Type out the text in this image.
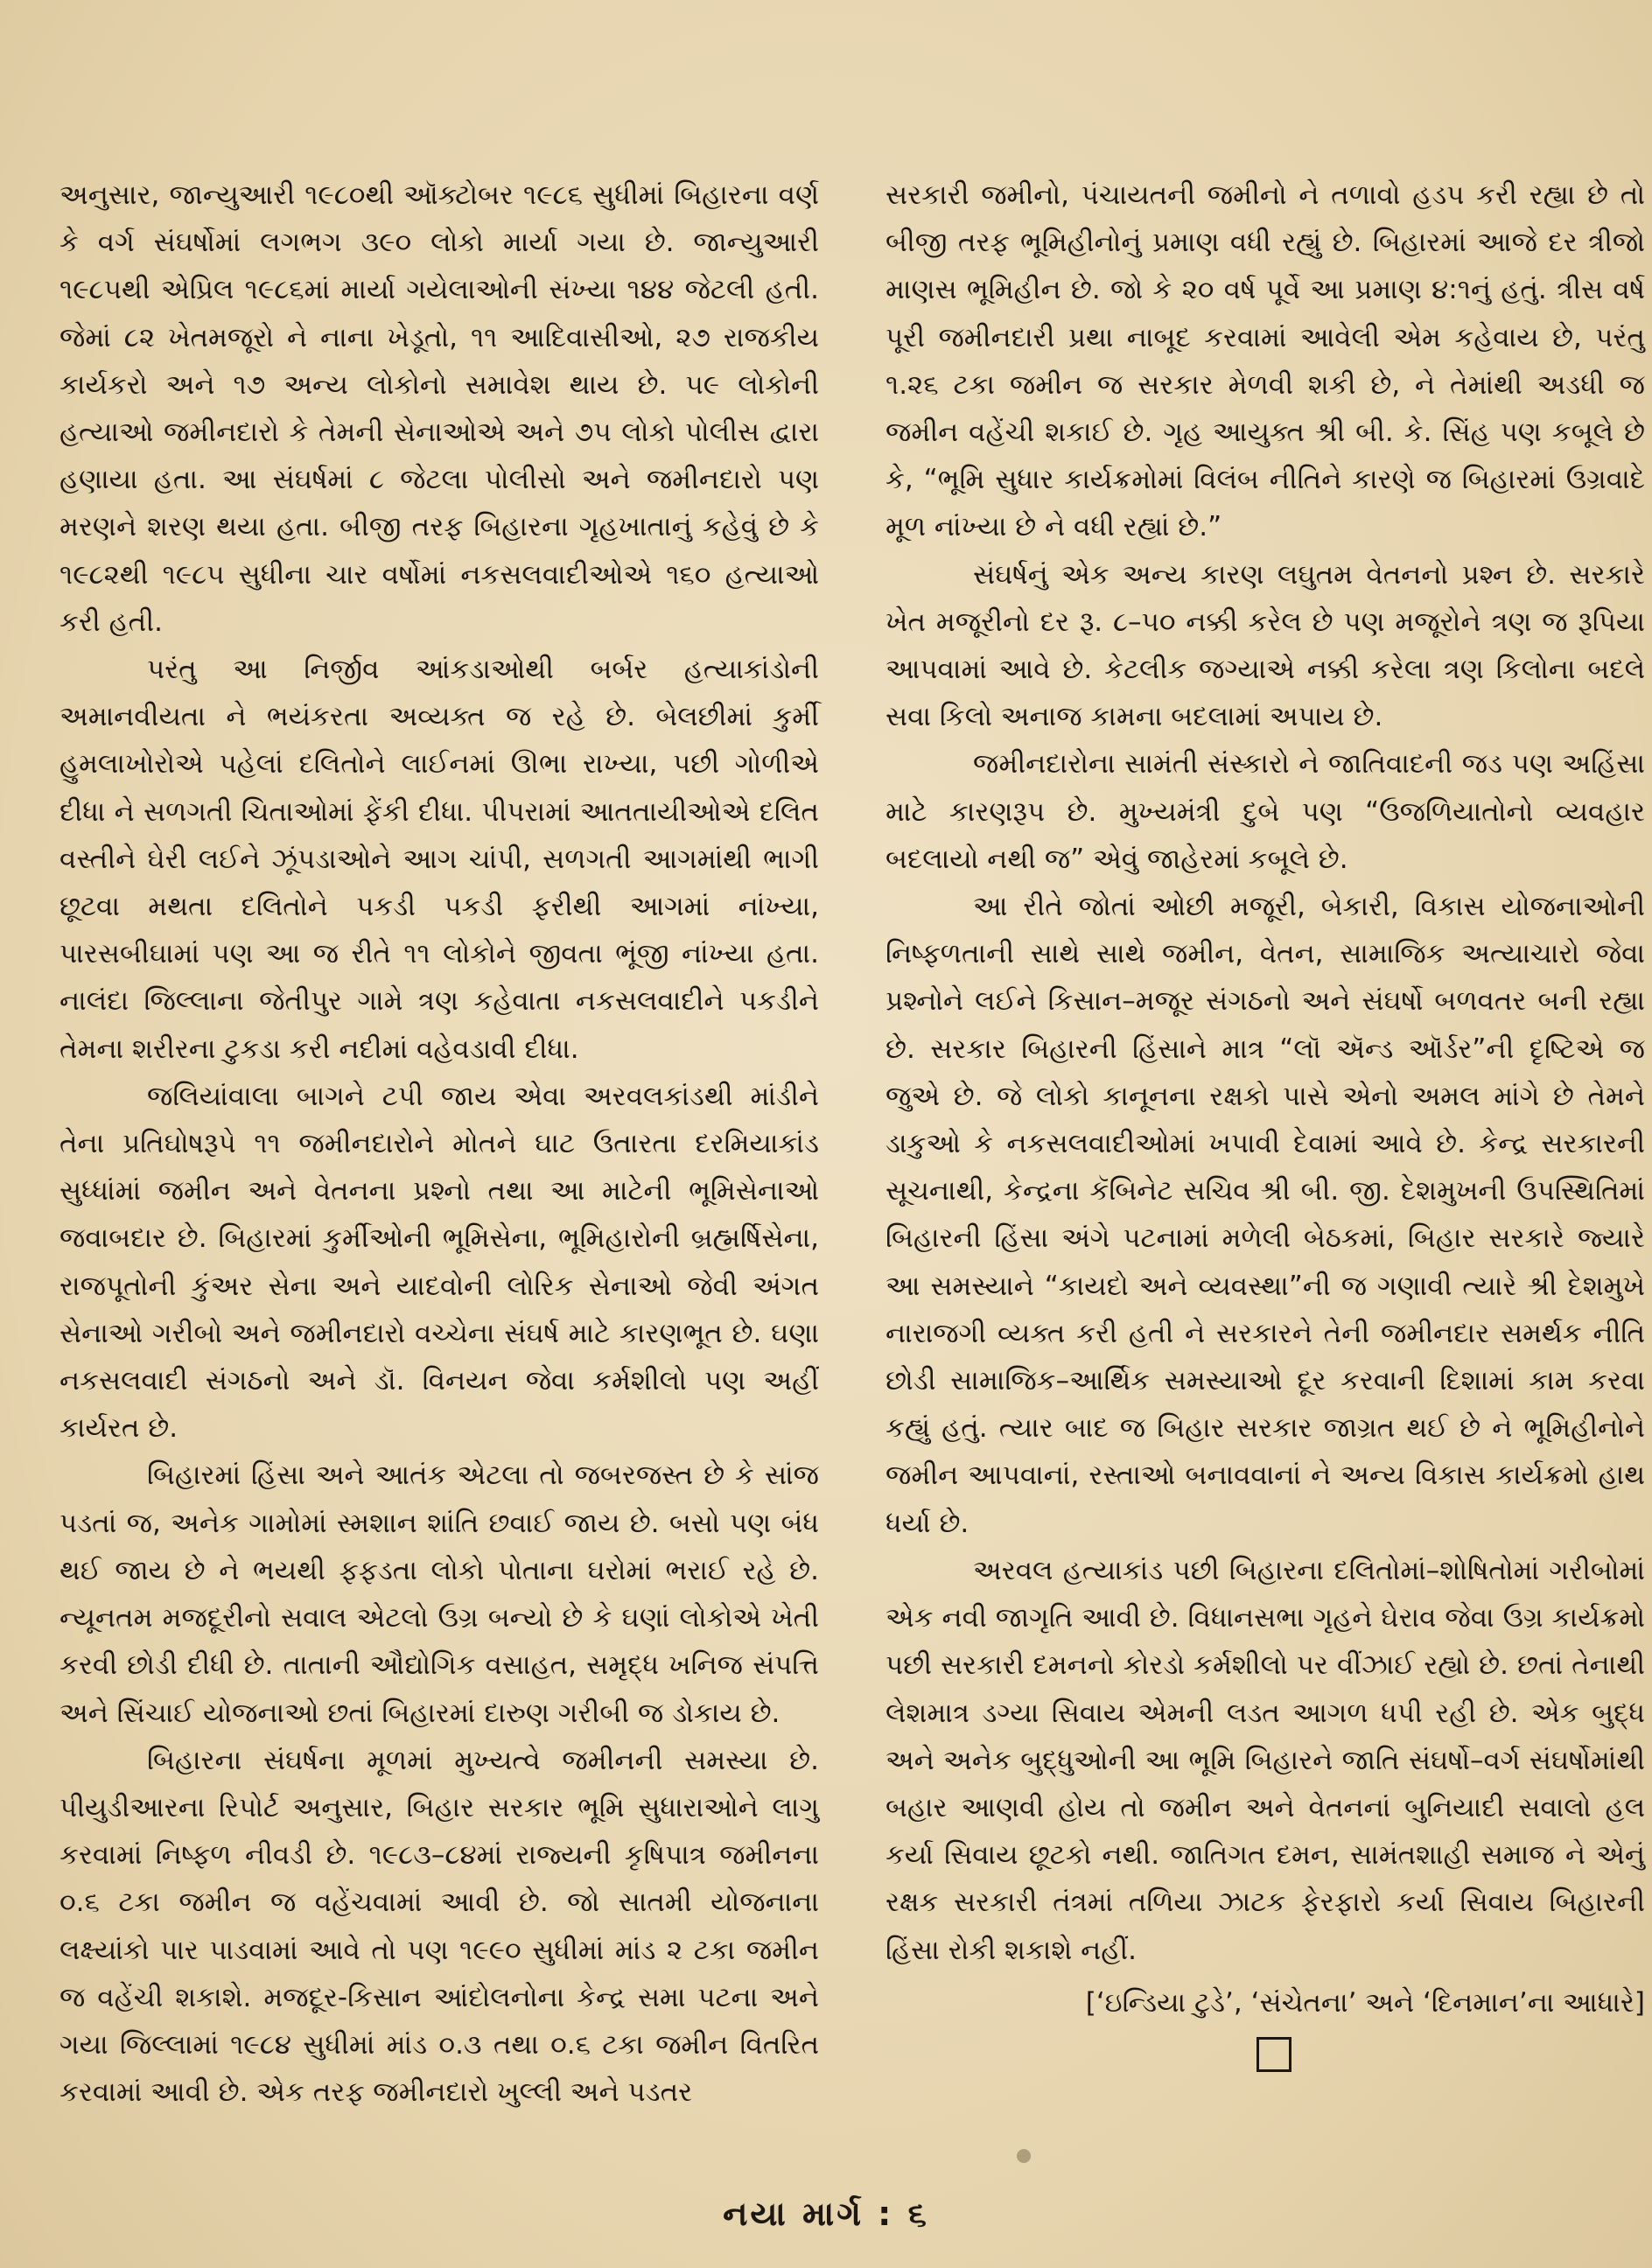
અનુસાર, જાન્યુઆરી ૧૯૮૦થી ઑક્ટોબર ૧૯૮૬ સુધીમાં બિહારના વર્ણ કે વર્ગ સંઘર્ષોમાં લગભગ ૩૯૦ લોકો માર્યા ગયા છે. જાન્યુઆરી ૧૯૮૫થી એપ્રિલ ૧૯૮૬માં માર્યા ગયેલાઓની સંખ્યા ૧૪૪ જેટલી હતી. જેમાં ૮૨ ખેતમજૂરો ને નાના ખેડૂતો, ૧૧ આદિવાસીઓ, ૨૭ રાજકીય કાર્યકરો અને ૧૭ અન્ય લોકોનો સમાવેશ થાય છે. ૫૯ લોકોની હત્યાઓ જમીનદારો કે તેમની સેનાઓએ અને ૭૫ લોકો પોલીસ દ્વારા હણાયા હતા. આ સંઘર્ષમાં ૮ જેટલા પોલીસો અને જમીનદારો પણ મરણને શરણ થયા હતા. બીજી તરફ બિહારના ગૃહખાતાનું કહેવું છે કે ૧૯૮૨થી ૧૯૮૫ સુધીના ચાર વર્ષોમાં નકસલવાદીઓએ ૧૬૦ હત્યાઓ કરી હતી.

પરંતુ આ નિર્જીવ આંકડાઓથી બર્બર હત્યાકાંડોની અમાનવીયતા ને ભયંકરતા અવ્યક્ત જ રહે છે. બેલછીમાં કુર્મી હુમલાખોરોએ પહેલાં દલિતોને લાઈનમાં ઊભા રાખ્યા, પછી ગોળીએ દીધા ને સળગતી ચિતાઓમાં ફેંકી દીધા. પીપરામાં આતતાયીઓએ દલિત વસ્તીને ઘેરી લઈને ઝૂંપડાઓને આગ ચાંપી, સળગતી આગમાંથી ભાગી છૂટવા મથતા દલિતોને પકડી પકડી ફરીથી આગમાં નાંખ્યા, પારસબીઘામાં પણ આ જ રીતે ૧૧ લોકોને જીવતા ભૂંજી નાંખ્યા હતા. નાલંદા જિલ્લાના જેતીપુર ગામે ત્રણ કહેવાતા નકસલવાદીને પકડીને તેમના શરીરના ટુકડા કરી નદીમાં વહેવડાવી દીધા.

જલિયાંવાલા બાગને ટપી જાય એવા અરવલકાંડથી માંડીને તેના પ્રતિઘોષરૂપે ૧૧ જમીનદારોને મોતને ઘાટ ઉતારતા દરમિયાકાંડ સુધ્ધાંમાં જમીન અને વેતનના પ્રશ્નો તથા આ માટેની ભૂમિસેનાઓ જવાબદાર છે. બિહારમાં કુર્મીઓની ભૂમિસેના, ભૂમિહારોની બ્રહ્મર્ષિસેના, રાજપૂતોની કુંઅર સેના અને યાદવોની લોરિક સેનાઓ જેવી અંગત સેનાઓ ગરીબો અને જમીનદારો વચ્ચેના સંઘર્ષ માટે કારણભૂત છે. ઘણા નકસલવાદી સંગઠનો અને ડૉ. વિનયન જેવા કર્મશીલો પણ અહીં કાર્યરત છે.

બિહારમાં હિંસા અને આતંક એટલા તો જબરજસ્ત છે કે સાંજ પડતાં જ, અનેક ગામોમાં સ્મશાન શાંતિ છવાઈ જાય છે. બસો પણ બંધ થઈ જાય છે ને ભયથી ફફડતા લોકો પોતાના ઘરોમાં ભરાઈ રહે છે. ન્યૂનતમ મજદૂરીનો સવાલ એટલો ઉગ્ર બન્યો છે કે ઘણાં લોકોએ ખેતી કરવી છોડી દીધી છે. તાતાની ઔદ્યોગિક વસાહત, સમૃદ્ધ ખનિજ સંપત્તિ અને સિંચાઈ યોજનાઓ છતાં બિહારમાં દારુણ ગરીબી જ ડોકાય છે.

બિહારના સંઘર્ષના મૂળમાં મુખ્યત્વે જમીનની સમસ્યા છે. પીયુડીઆરના રિપોર્ટ અનુસાર, બિહાર સરકાર ભૂમિ સુધારાઓને લાગુ કરવામાં નિષ્ફળ નીવડી છે. ૧૯૮૩–૮૪માં રાજ્યની કૃષિપાત્ર જમીનના ૦.૬ ટકા જમીન જ વહેંચવામાં આવી છે. જો સાતમી યોજનાના લક્ષ્યાંકો પાર પાડવામાં આવે તો પણ ૧૯૯૦ સુધીમાં માંડ ૨ ટકા જમીન જ વહેંચી શકાશે. મજદૂર-કિસાન આંદોલનોના કેન્દ્ર સમા પટના અને ગયા જિલ્લામાં ૧૯૮૪ સુધીમાં માંડ ૦.૩ તથા ૦.૬ ટકા જમીન વિતરિત કરવામાં આવી છે. એક તરફ જમીનદારો ખુલ્લી અને પડતર

સરકારી જમીનો, પંચાયતની જમીનો ને તળાવો હડપ કરી રહ્યા છે તો બીજી તરફ ભૂમિહીનોનું પ્રમાણ વધી રહ્યું છે. બિહારમાં આજે દર ત્રીજો માણસ ભૂમિહીન છે. જો કે ૨૦ વર્ષ પૂર્વે આ પ્રમાણ ૪:૧નું હતું. ત્રીસ વર્ષ પૂરી જમીનદારી પ્રથા નાબૂદ કરવામાં આવેલી એમ કહેવાય છે, પરંતુ ૧.૨૬ ટકા જમીન જ સરકાર મેળવી શકી છે, ને તેમાંથી અડધી જ જમીન વહેંચી શકાઈ છે. ગૃહ આયુક્ત શ્રી બી. કે. સિંહ પણ કબૂલે છે કે, “ભૂમિ સુધાર કાર્યક્રમોમાં વિલંબ નીતિને કારણે જ બિહારમાં ઉગ્રવાદે મૂળ નાંખ્યા છે ને વધી રહ્યાં છે.”

સંઘર્ષનું એક અન્ય કારણ લઘુતમ વેતનનો પ્રશ્ન છે. સરકારે ખેત મજૂરીનો દર રૂ. ૮–૫૦ નક્કી કરેલ છે પણ મજૂરોને ત્રણ જ રૂપિયા આપવામાં આવે છે. કેટલીક જગ્યાએ નક્કી કરેલા ત્રણ કિલોના બદલે સવા કિલો અનાજ કામના બદલામાં અપાય છે.

જમીનદારોના સામંતી સંસ્કારો ને જાતિવાદની જડ પણ અહિંસા માટે કારણરૂપ છે. મુખ્યમંત્રી દુબે પણ “ઉજળિયાતોનો વ્યવહાર બદલાયો નથી જ” એવું જાહેરમાં કબૂલે છે.

આ રીતે જોતાં ઓછી મજૂરી, બેકારી, વિકાસ યોજનાઓની નિષ્ફળતાની સાથે સાથે જમીન, વેતન, સામાજિક અત્યાચારો જેવા પ્રશ્નોને લઈને કિસાન–મજૂર સંગઠનો અને સંઘર્ષો બળવતર બની રહ્યા છે. સરકાર બિહારની હિંસાને માત્ર “લૉ ઍન્ડ ઑર્ડર”ની દૃષ્ટિએ જ જુએ છે. જે લોકો કાનૂનના રક્ષકો પાસે એનો અમલ માંગે છે તેમને ડાકુઓ કે નકસલવાદીઓમાં ખપાવી દેવામાં આવે છે. કેન્દ્ર સરકારની સૂચનાથી, કેન્દ્રના કૅબિનેટ સચિવ શ્રી બી. જી. દેશમુખની ઉપસ્થિતિમાં બિહારની હિંસા અંગે પટનામાં મળેલી બેઠકમાં, બિહાર સરકારે જ્યારે આ સમસ્યાને “કાયદો અને વ્યવસ્થા”ની જ ગણાવી ત્યારે શ્રી દેશમુખે નારાજગી વ્યક્ત કરી હતી ને સરકારને તેની જમીનદાર સમર્થક નીતિ છોડી સામાજિક–આર્થિક સમસ્યાઓ દૂર કરવાની દિશામાં કામ કરવા કહ્યું હતું. ત્યાર બાદ જ બિહાર સરકાર જાગ્રત થઈ છે ને ભૂમિહીનોને જમીન આપવાનાં, રસ્તાઓ બનાવવાનાં ને અન્ય વિકાસ કાર્યક્રમો હાથ ધર્યા છે.

અરવલ હત્યાકાંડ પછી બિહારના દલિતોમાં–શોષિતોમાં ગરીબોમાં એક નવી જાગૃતિ આવી છે. વિધાનસભા ગૃહને ઘેરાવ જેવા ઉગ્ર કાર્યક્રમો પછી સરકારી દમનનો કોરડો કર્મશીલો પર વીંઝાઈ રહ્યો છે. છતાં તેનાથી લેશમાત્ર ડગ્યા સિવાય એમની લડત આગળ ધપી રહી છે. એક બુદ્ધ અને અનેક બુદ્ધુઓની આ ભૂમિ બિહારને જાતિ સંઘર્ષો–વર્ગ સંઘર્ષોમાંથી બહાર આણવી હોય તો જમીન અને વેતનનાં બુનિયાદી સવાલો હલ કર્યા સિવાય છૂટકો નથી. જાતિગત દમન, સામંતશાહી સમાજ ને એનું રક્ષક સરકારી તંત્રમાં તળિયા ઝાટક ફેરફારો કર્યા સિવાય બિહારની હિંસા રોકી શકાશે નહીં.

[‘ઇન્ડિયા ટુડે’, ‘સંચેતના’ અને ‘દિનમાન’ના આધારે]
નયા માર્ગ : ૬
